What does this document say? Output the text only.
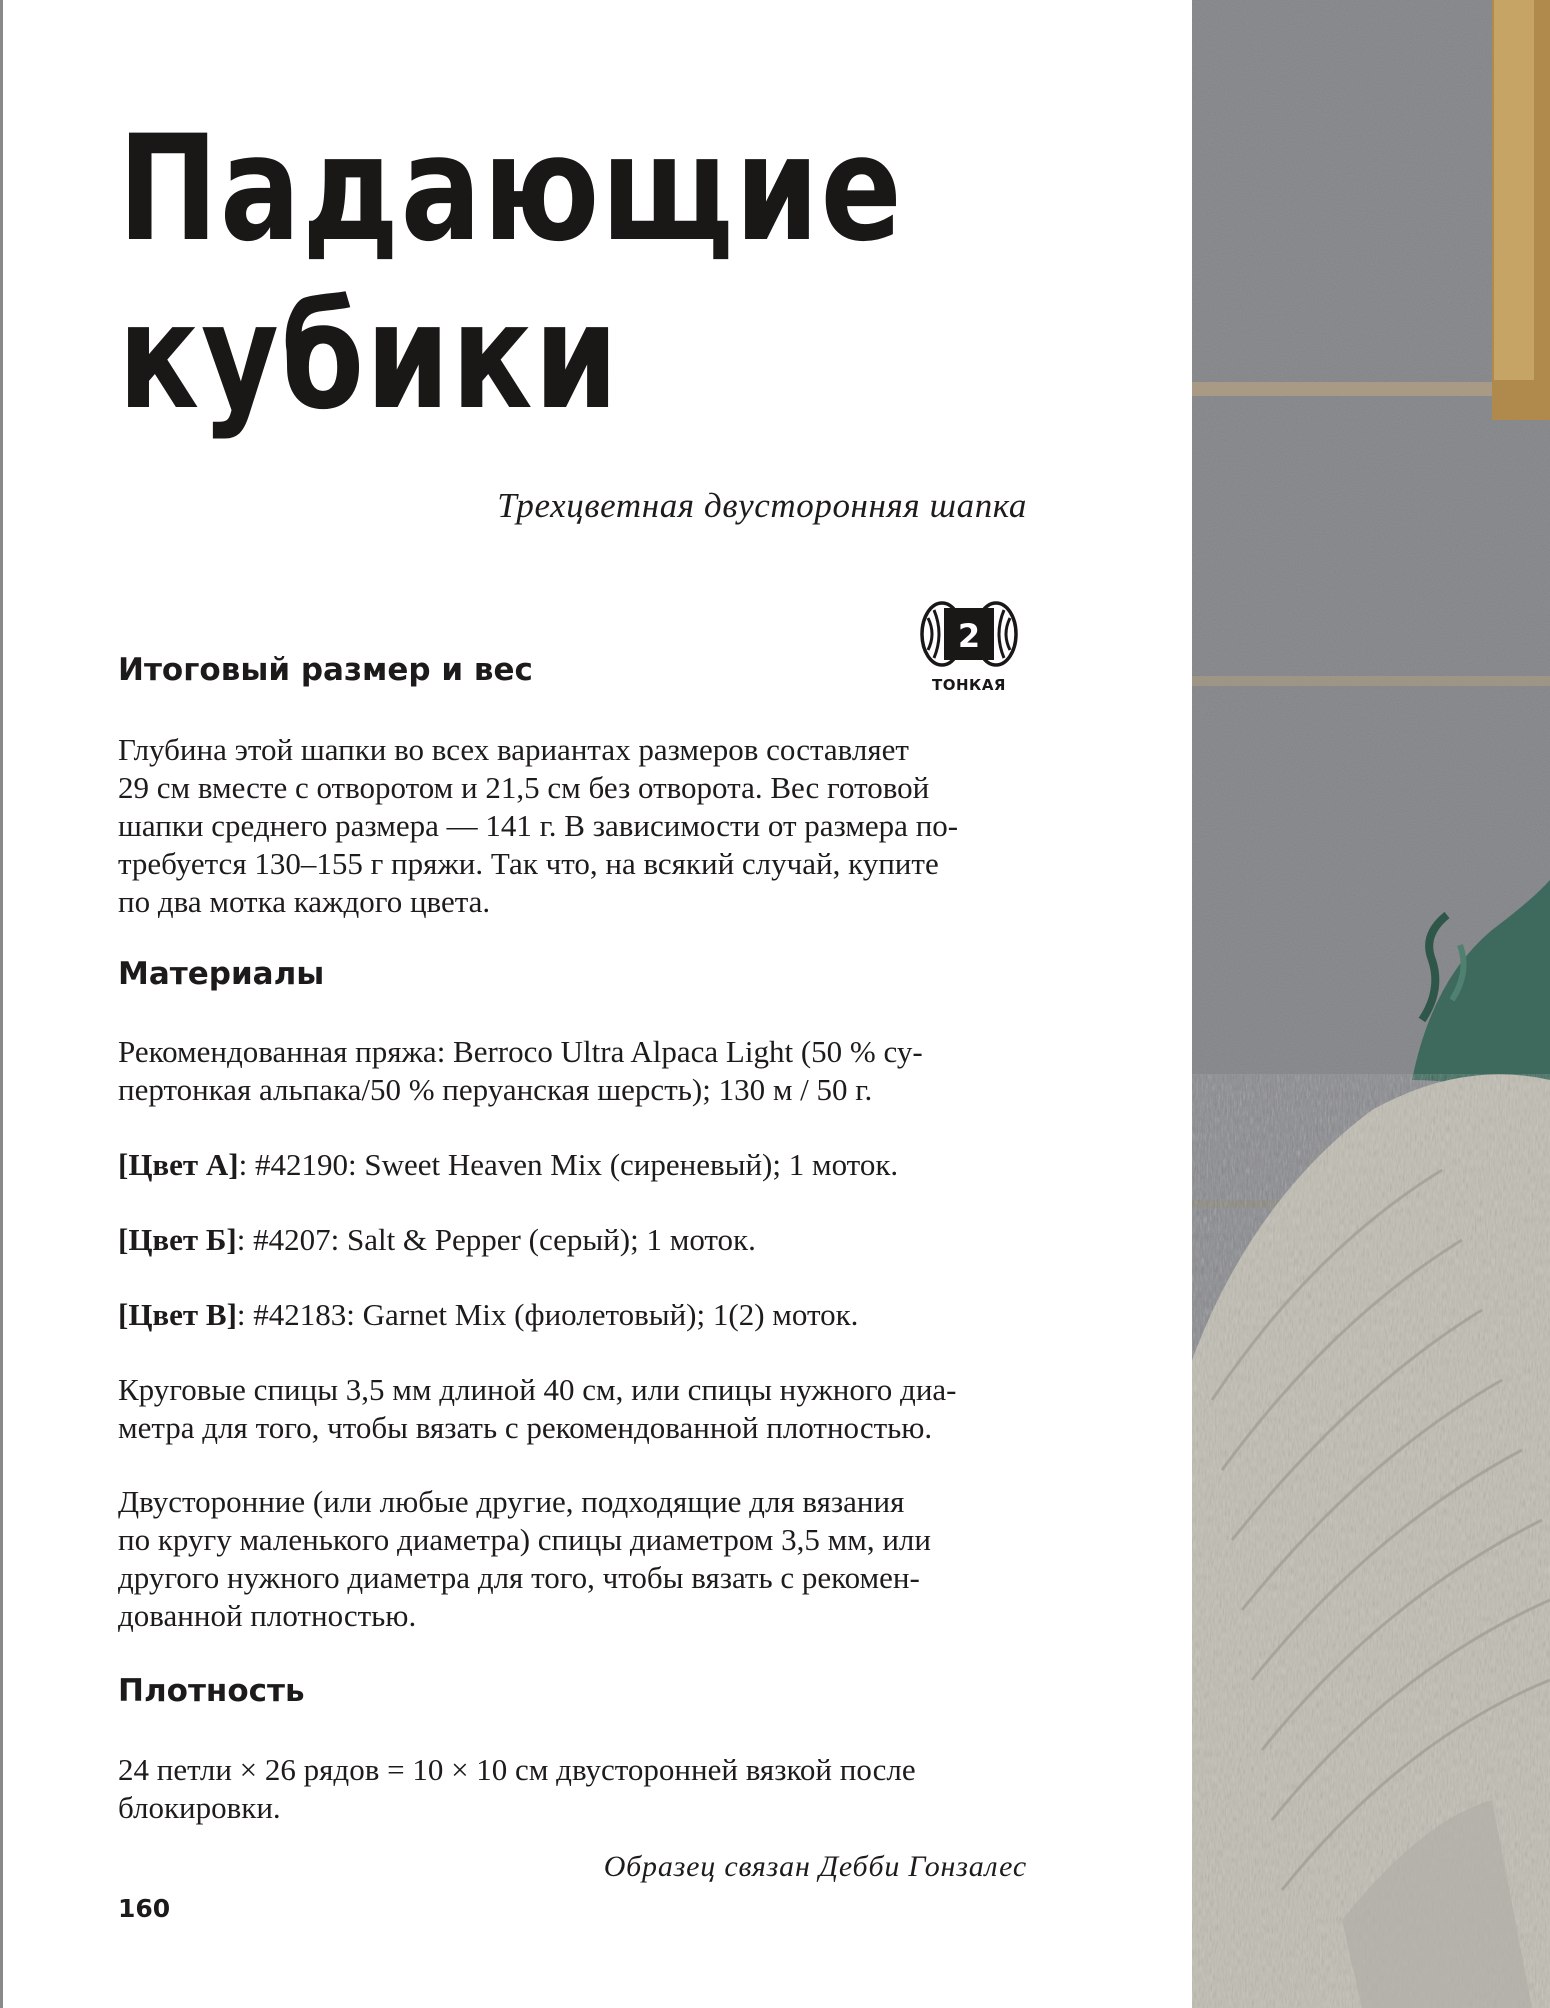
Падающие
кубики
Трехцветная двусторонняя шапка
2
ТОНКАЯ
Итоговый размер и вес
Глубина этой шапки во всех вариантах размеров составляет
29 см вместе с отворотом и 21,5 см без отворота. Вес готовой
шапки среднего размера — 141 г. В зависимости от размера по-
требуется 130–155 г пряжи. Так что, на всякий случай, купите
по два мотка каждого цвета.
Материалы
Рекомендованная пряжа: Berroco Ultra Alpaca Light (50 % су-
пертонкая альпака/50 % перуанская шерсть); 130 м / 50 г.
[Цвет А]: #42190: Sweet Heaven Mix (сиреневый); 1 моток.
[Цвет Б]: #4207: Salt & Pepper (серый); 1 моток.
[Цвет В]: #42183: Garnet Mix (фиолетовый); 1(2) моток.
Круговые спицы 3,5 мм длиной 40 см, или спицы нужного диа-
метра для того, чтобы вязать с рекомендованной плотностью.
Двусторонние (или любые другие, подходящие для вязания
по кругу маленького диаметра) спицы диаметром 3,5 мм, или
другого нужного диаметра для того, чтобы вязать с рекомен-
дованной плотностью.
Плотность
24 петли × 26 рядов = 10 × 10 см двусторонней вязкой после
блокировки.
Образец связан Дебби Гонзалес
160
